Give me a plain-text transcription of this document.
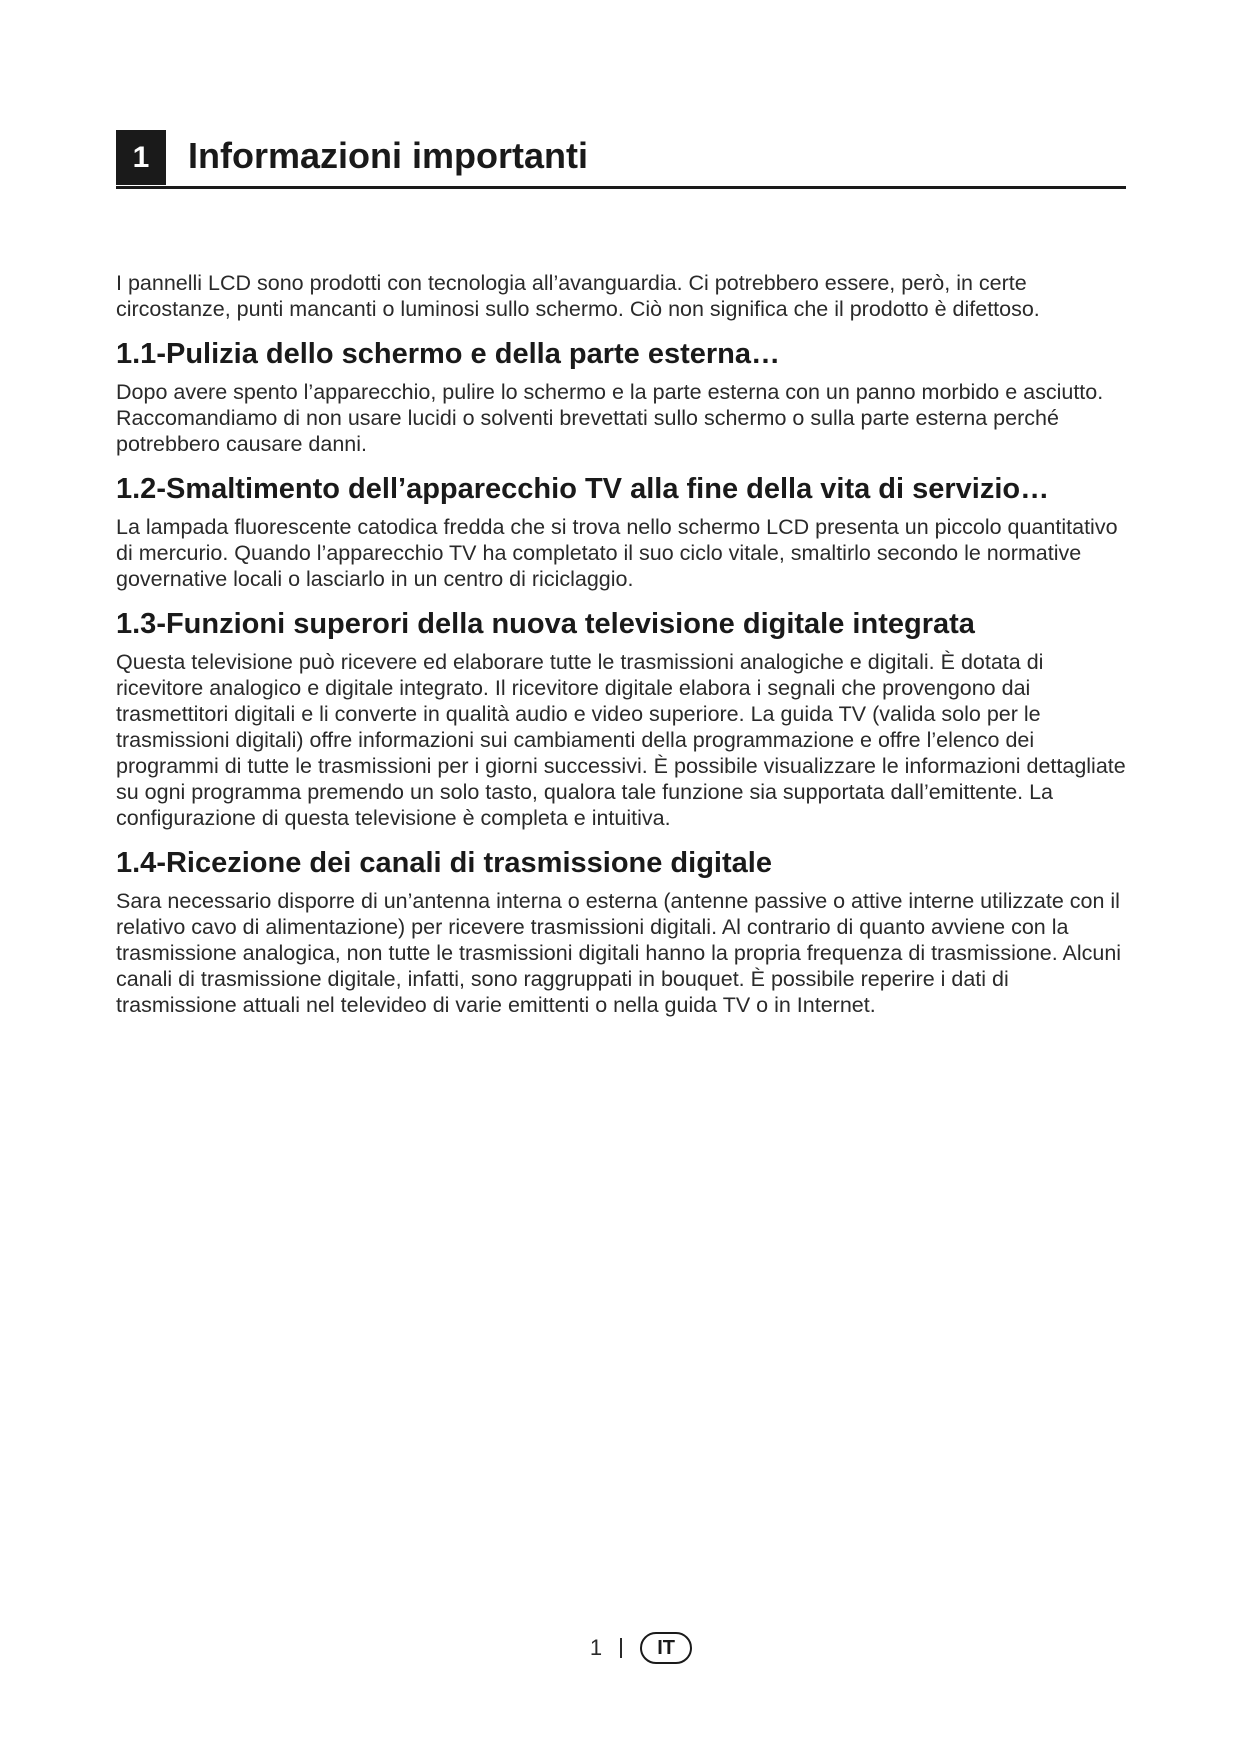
1	Informazioni importanti

I pannelli LCD sono prodotti con tecnologia all’avanguardia. Ci potrebbero essere, però, in certe circostanze, punti mancanti o luminosi sullo schermo. Ciò non significa che il prodotto è difettoso.

1.1-Pulizia dello schermo e della parte esterna…

Dopo avere spento l’apparecchio, pulire lo schermo e la parte esterna con un panno morbido e asciutto. Raccomandiamo di non usare lucidi o solventi brevettati sullo schermo o sulla parte esterna perché potrebbero causare danni.

1.2-Smaltimento dell’apparecchio TV alla fine della vita di servizio…

La lampada fluorescente catodica fredda che si trova nello schermo LCD presenta un piccolo quantitativo di mercurio. Quando l’apparecchio TV ha completato il suo ciclo vitale, smaltirlo secondo le normative governative locali o lasciarlo in un centro di riciclaggio.

1.3-Funzioni superori della nuova televisione digitale integrata

Questa televisione può ricevere ed elaborare tutte le trasmissioni analogiche e digitali. È dotata di ricevitore analogico e digitale integrato. Il ricevitore digitale elabora i segnali che provengono dai trasmettitori digitali e li converte in qualità audio e video superiore. La guida TV (valida solo per le trasmissioni digitali) offre informazioni sui cambiamenti della programmazione e offre l’elenco dei programmi di tutte le trasmissioni per i giorni successivi. È possibile visualizzare le informazioni dettagliate su ogni programma premendo un solo tasto, qualora tale funzione sia supportata dall’emittente. La configurazione di questa televisione è completa e intuitiva.

1.4-Ricezione dei canali di trasmissione digitale

Sara necessario disporre di un’antenna interna o esterna (antenne passive o attive interne utilizzate con il relativo cavo di alimentazione) per ricevere trasmissioni digitali. Al contrario di quanto avviene con la trasmissione analogica, non tutte le trasmissioni digitali hanno la propria frequenza di trasmissione. Alcuni canali di trasmissione digitale, infatti, sono raggruppati in bouquet. È possibile reperire i dati di trasmissione attuali nel televideo di varie emittenti o nella guida TV o in Internet.

1	IT
